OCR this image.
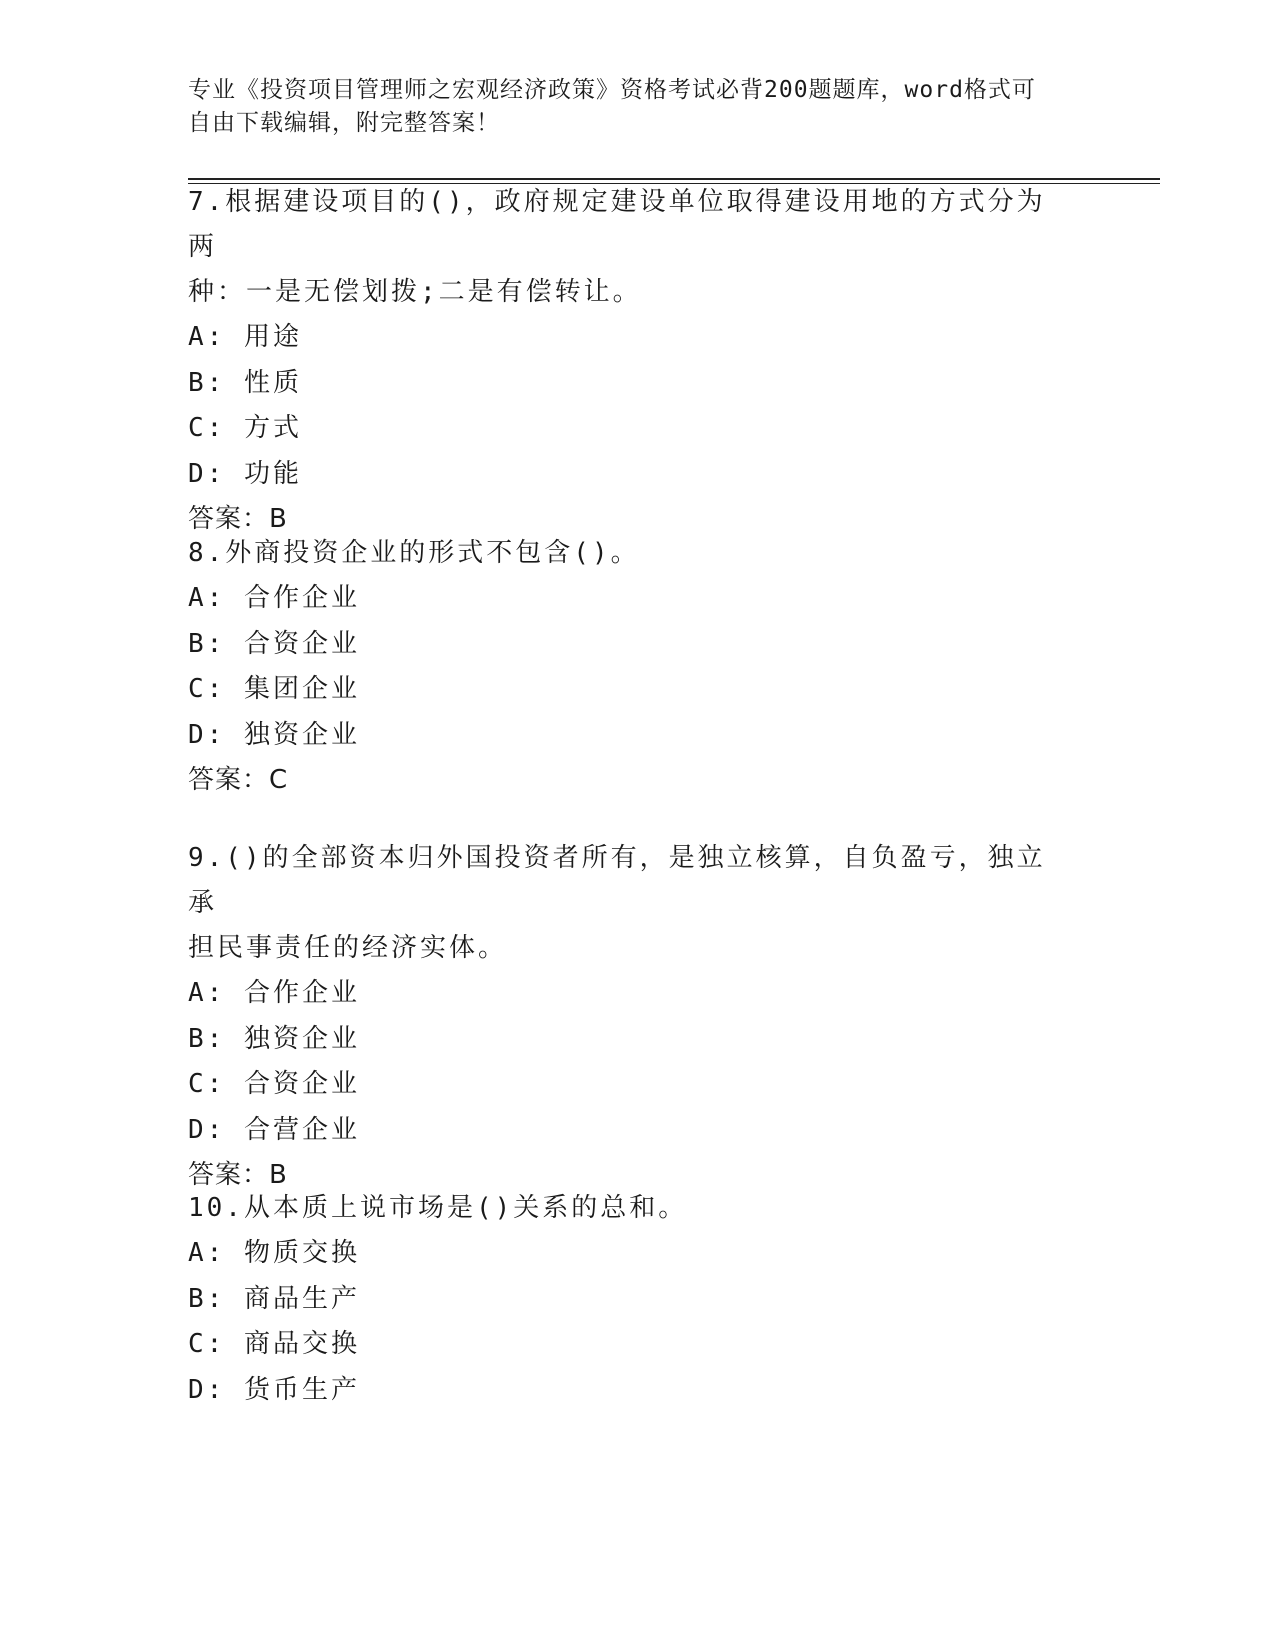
专业《投资项目管理师之宏观经济政策》资格考试必背200题题库，word格式可
自由下载编辑，附完整答案！

7.根据建设项目的()，政府规定建设单位取得建设用地的方式分为两

种：一是无偿划拨;二是有偿转让。

A: 用途

B: 性质

C: 方式

D: 功能

答案：B

8.外商投资企业的形式不包含()。

A: 合作企业

B: 合资企业

C: 集团企业

D: 独资企业

答案：C

9.()的全部资本归外国投资者所有，是独立核算，自负盈亏，独立承

担民事责任的经济实体。

A: 合作企业

B: 独资企业

C: 合资企业

D: 合营企业

答案：B

10.从本质上说市场是()关系的总和。

A: 物质交换

B: 商品生产

C: 商品交换

D: 货币生产
